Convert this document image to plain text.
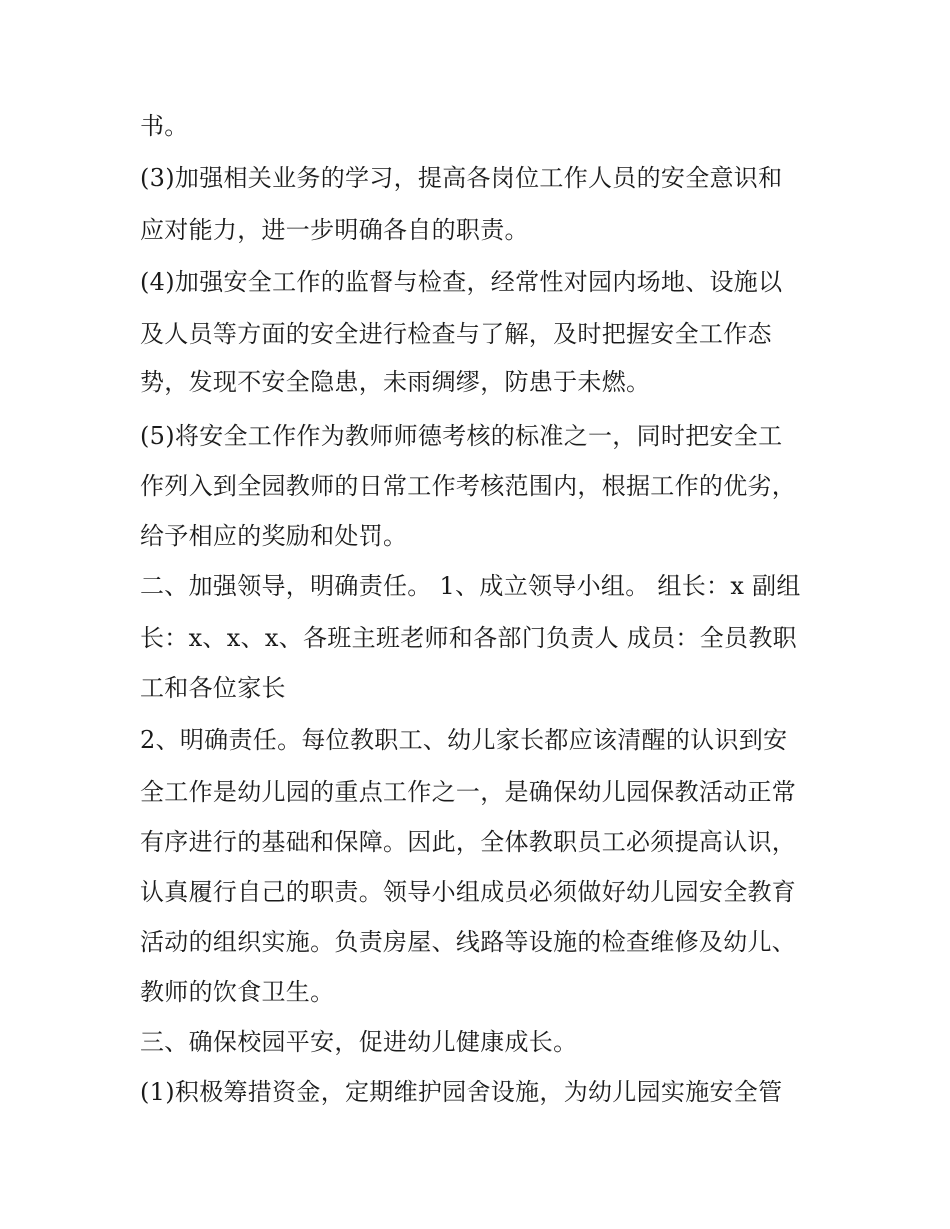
书。
(3)加强相关业务的学习，提高各岗位工作人员的安全意识和
应对能力，进一步明确各自的职责。
(4)加强安全工作的监督与检查，经常性对园内场地、设施以
及人员等方面的安全进行检查与了解，及时把握安全工作态
势，发现不安全隐患，未雨绸缪，防患于未燃。
(5)将安全工作作为教师师德考核的标准之一，同时把安全工
作列入到全园教师的日常工作考核范围内，根据工作的优劣，
给予相应的奖励和处罚。
二、加强领导，明确责任。 1、成立领导小组。 组长：x 副组
长：x、x、x、各班主班老师和各部门负责人 成员：全员教职
工和各位家长
2、明确责任。每位教职工、幼儿家长都应该清醒的认识到安
全工作是幼儿园的重点工作之一，是确保幼儿园保教活动正常
有序进行的基础和保障。因此，全体教职员工必须提高认识，
认真履行自己的职责。领导小组成员必须做好幼儿园安全教育
活动的组织实施。负责房屋、线路等设施的检查维修及幼儿、
教师的饮食卫生。
三、确保校园平安，促进幼儿健康成长。
(1)积极筹措资金，定期维护园舍设施，为幼儿园实施安全管
